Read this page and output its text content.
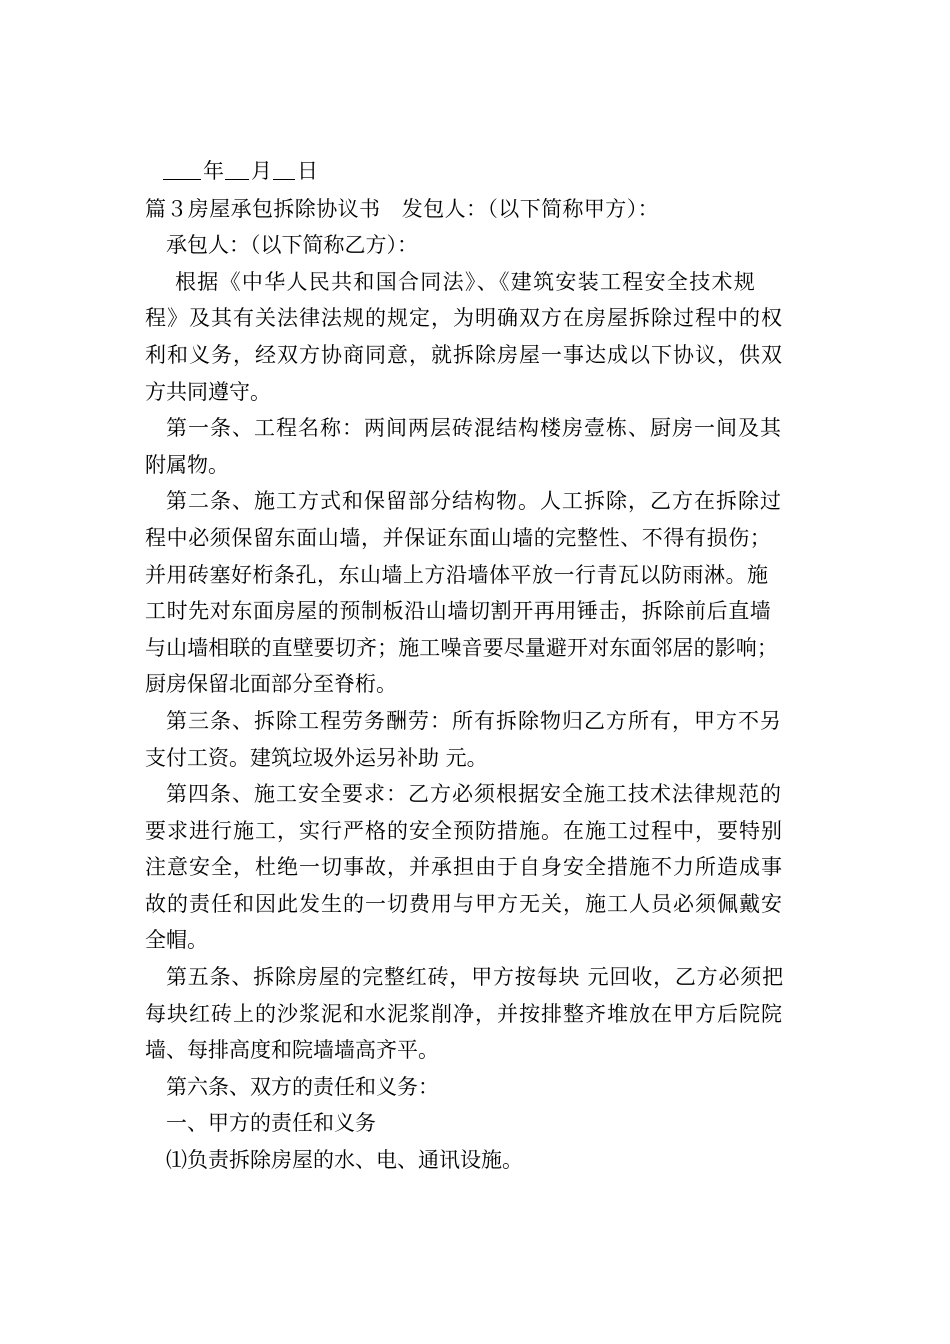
年 月 日
篇３房屋承包拆除协议书　发包人：（以下简称甲方）：
承包人：（以下简称乙方）：
根据《中华人民共和国合同法》、《建筑安装工程安全技术规
程》及其有关法律法规的规定，为明确双方在房屋拆除过程中的权
利和义务，经双方协商同意，就拆除房屋一事达成以下协议，供双
方共同遵守。
第一条、工程名称：两间两层砖混结构楼房壹栋、厨房一间及其
附属物。
第二条、施工方式和保留部分结构物。人工拆除，乙方在拆除过
程中必须保留东面山墙，并保证东面山墙的完整性、不得有损伤；
并用砖塞好桁条孔，东山墙上方沿墙体平放一行青瓦以防雨淋。施
工时先对东面房屋的预制板沿山墙切割开再用锤击，拆除前后直墙
与山墙相联的直壁要切齐；施工噪音要尽量避开对东面邻居的影响；
厨房保留北面部分至脊桁。
第三条、拆除工程劳务酬劳：所有拆除物归乙方所有，甲方不另
支付工资。建筑垃圾外运另补助 元。
第四条、施工安全要求：乙方必须根据安全施工技术法律规范的
要求进行施工，实行严格的安全预防措施。在施工过程中，要特别
注意安全，杜绝一切事故，并承担由于自身安全措施不力所造成事
故的责任和因此发生的一切费用与甲方无关，施工人员必须佩戴安
全帽。
第五条、拆除房屋的完整红砖，甲方按每块 元回收，乙方必须把
每块红砖上的沙浆泥和水泥浆削净，并按排整齐堆放在甲方后院院
墙、每排高度和院墙墙高齐平。
第六条、双方的责任和义务：
一、甲方的责任和义务
⑴负责拆除房屋的水、电、通讯设施。
